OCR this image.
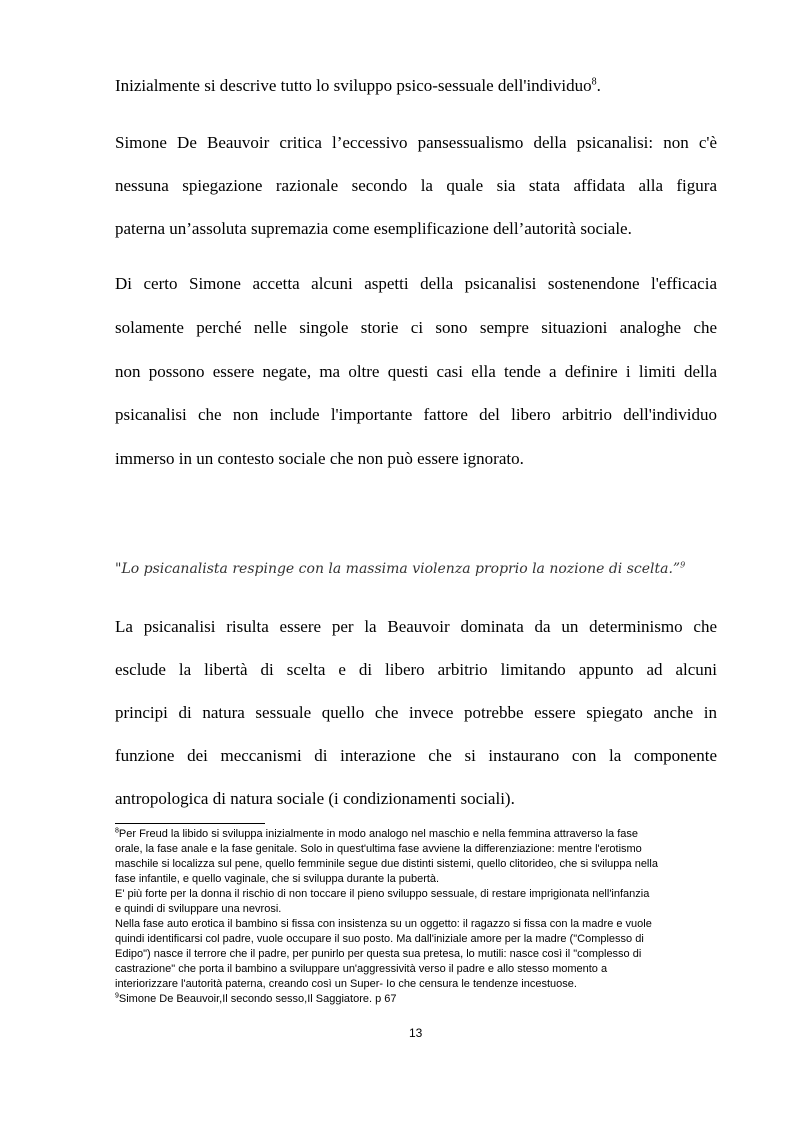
Inizialmente si descrive tutto lo sviluppo psico-sessuale dell'individuo$^8$.
Simone De Beauvoir critica l’eccessivo pansessualismo della psicanalisi: non c'è
nessuna spiegazione razionale secondo la quale sia stata affidata alla figura
paterna un’assoluta supremazia come esemplificazione dell’autorità sociale.
Di certo Simone accetta alcuni aspetti della psicanalisi sostenendone l'efficacia
solamente perché nelle singole storie ci sono sempre situazioni analoghe che
non possono essere negate, ma oltre questi casi ella tende a definire i limiti della
psicanalisi che non include l'importante fattore del libero arbitrio dell'individuo
immerso in un contesto sociale che non può essere ignorato.
"Lo psicanalista respinge con la massima violenza proprio la nozione di scelta.”$^9$
La psicanalisi risulta essere per la Beauvoir dominata da un determinismo che
esclude la libertà di scelta e di libero arbitrio limitando appunto ad alcuni
principi di natura sessuale quello che invece potrebbe essere spiegato anche in
funzione dei meccanismi di interazione che si instaurano con la componente
antropologica di natura sociale (i condizionamenti sociali).
$^8$Per Freud la libido si sviluppa inizialmente in modo analogo nel maschio e nella femmina attraverso la fase
orale, la fase anale e la fase genitale. Solo in quest'ultima fase avviene la differenziazione: mentre l'erotismo
maschile si localizza sul pene, quello femminile segue due distinti sistemi, quello clitorideo, che si sviluppa nella
fase infantile, e quello vaginale, che si sviluppa durante la pubertà.
E' più forte per la donna il rischio di non toccare il pieno sviluppo sessuale, di restare imprigionata nell'infanzia
e quindi di sviluppare una nevrosi.
Nella fase auto erotica il bambino si fissa con insistenza su un oggetto: il ragazzo si fissa con la madre e vuole
quindi identificarsi col padre, vuole occupare il suo posto. Ma dall'iniziale amore per la madre ("Complesso di
Edipo") nasce il terrore che il padre, per punirlo per questa sua pretesa, lo mutili: nasce così il "complesso di
castrazione" che porta il bambino a sviluppare un'aggressività verso il padre e allo stesso momento a
interiorizzare l'autorità paterna, creando così un Super- Io che censura le tendenze incestuose.
$^9$Simone De Beauvoir,Il secondo sesso,Il Saggiatore. p 67
13
